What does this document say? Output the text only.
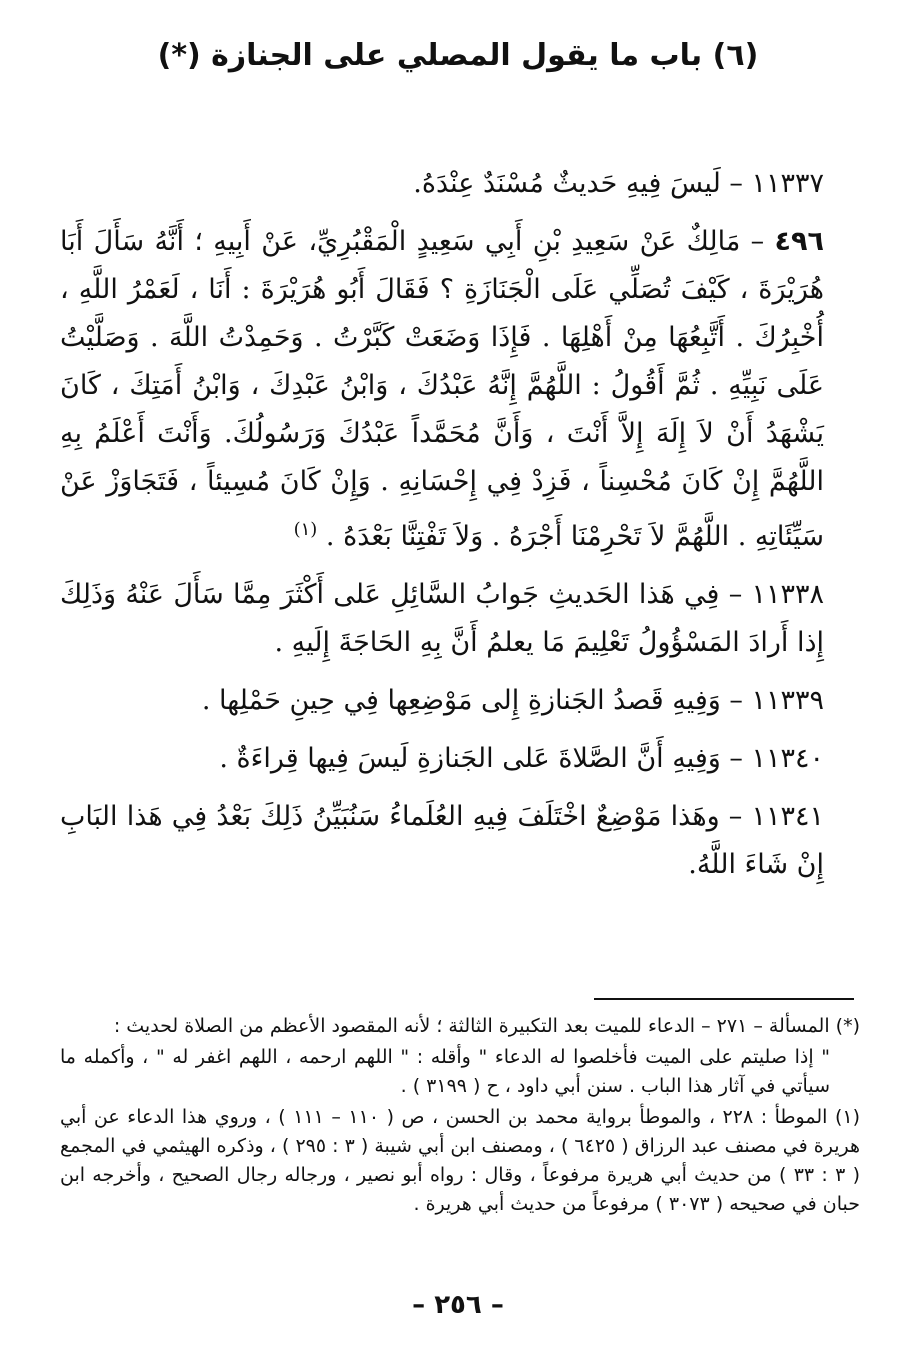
(٦) باب ما يقول المصلي على الجنازة (*)

١١٣٣٧ – لَيسَ فِيهِ حَديثٌ مُسْنَدٌ عِنْدَهُ.

٤٩٦ – مَالِكٌ عَنْ سَعِيدِ بْنِ أَبِي سَعِيدٍ الْمَقْبُرِيِّ، عَنْ أَبِيهِ ؛ أَنَّهُ سَأَلَ أَبَا هُرَيْرَةَ ، كَيْفَ تُصَلِّي عَلَى الْجَنَازَةِ ؟ فَقَالَ أَبُو هُرَيْرَةَ : أَنَا ، لَعَمْرُ اللَّهِ ، أُخْبِرُكَ . أَتَّبِعُهَا مِنْ أَهْلِهَا . فَإِذَا وَضَعَتْ كَبَّرْتُ . وَحَمِدْتُ اللَّهَ . وَصَلَّيْتُ عَلَى نَبِيِّهِ . ثُمَّ أَقُولُ : اللَّهُمَّ إِنَّهُ عَبْدُكَ ، وَابْنُ عَبْدِكَ ، وَابْنُ أَمَتِكَ ، كَانَ يَشْهَدُ أَنْ لاَ إِلَهَ إِلاَّ أَنْتَ ، وَأَنَّ مُحَمَّداً عَبْدُكَ وَرَسُولُكَ. وَأَنْتَ أَعْلَمُ بِهِ اللَّهُمَّ إِنْ كَانَ مُحْسِناً ، فَزِدْ فِي إِحْسَانِهِ . وَإِنْ كَانَ مُسِيئاً ، فَتَجَاوَزْ عَنْ سَيِّئَاتِهِ . اللَّهُمَّ لاَ تَحْرِمْنَا أَجْرَهُ . وَلاَ تَفْتِنَّا بَعْدَهُ . $^{(١)}$

١١٣٣٨ – فِي هَذا الحَديثِ جَوابُ السَّائِلِ عَلى أَكْثَرَ مِمَّا سَأَلَ عَنْهُ وَذَلِكَ إِذا أَرادَ المَسْؤُولُ تَعْلِيمَ مَا يعلمُ أَنَّ بِهِ الحَاجَةَ إِلَيهِ .

١١٣٣٩ – وَفِيهِ قَصدُ الجَنازةِ إِلى مَوْضِعِها فِي حِينِ حَمْلِها .

١١٣٤٠ – وَفِيهِ أَنَّ الصَّلاةَ عَلى الجَنازةِ لَيسَ فِيها قِراءَةٌ .

١١٣٤١ – وهَذا مَوْضِعٌ اخْتَلَفَ فِيهِ العُلَماءُ سَنُبَيِّنُ ذَلِكَ بَعْدُ فِي هَذا البَابِ إِنْ شَاءَ اللَّهُ.

(*) المسألة – ٢٧١ – الدعاء للميت بعد التكبيرة الثالثة ؛ لأنه المقصود الأعظم من الصلاة لحديث :

" إذا صليتم على الميت فأخلصوا له الدعاء " وأقله : " اللهم ارحمه ، اللهم اغفر له " ، وأكمله ما سيأتي في آثار هذا الباب . سنن أبي داود ، ح ( ٣١٩٩ ) .

(١) الموطأ : ٢٢٨ ، والموطأ برواية محمد بن الحسن ، ص ( ١١٠ – ١١١ ) ، وروي هذا الدعاء عن أبي هريرة في مصنف عبد الرزاق ( ٦٤٢٥ ) ، ومصنف ابن أبي شيبة ( ٣ : ٢٩٥ ) ، وذكره الهيثمي في المجمع ( ٣ : ٣٣ ) من حديث أبي هريرة مرفوعاً ، وقال : رواه أبو نصير ، ورجاله رجال الصحيح ، وأخرجه ابن حبان في صحيحه ( ٣٠٧٣ ) مرفوعاً من حديث أبي هريرة .

– ٢٥٦ –
